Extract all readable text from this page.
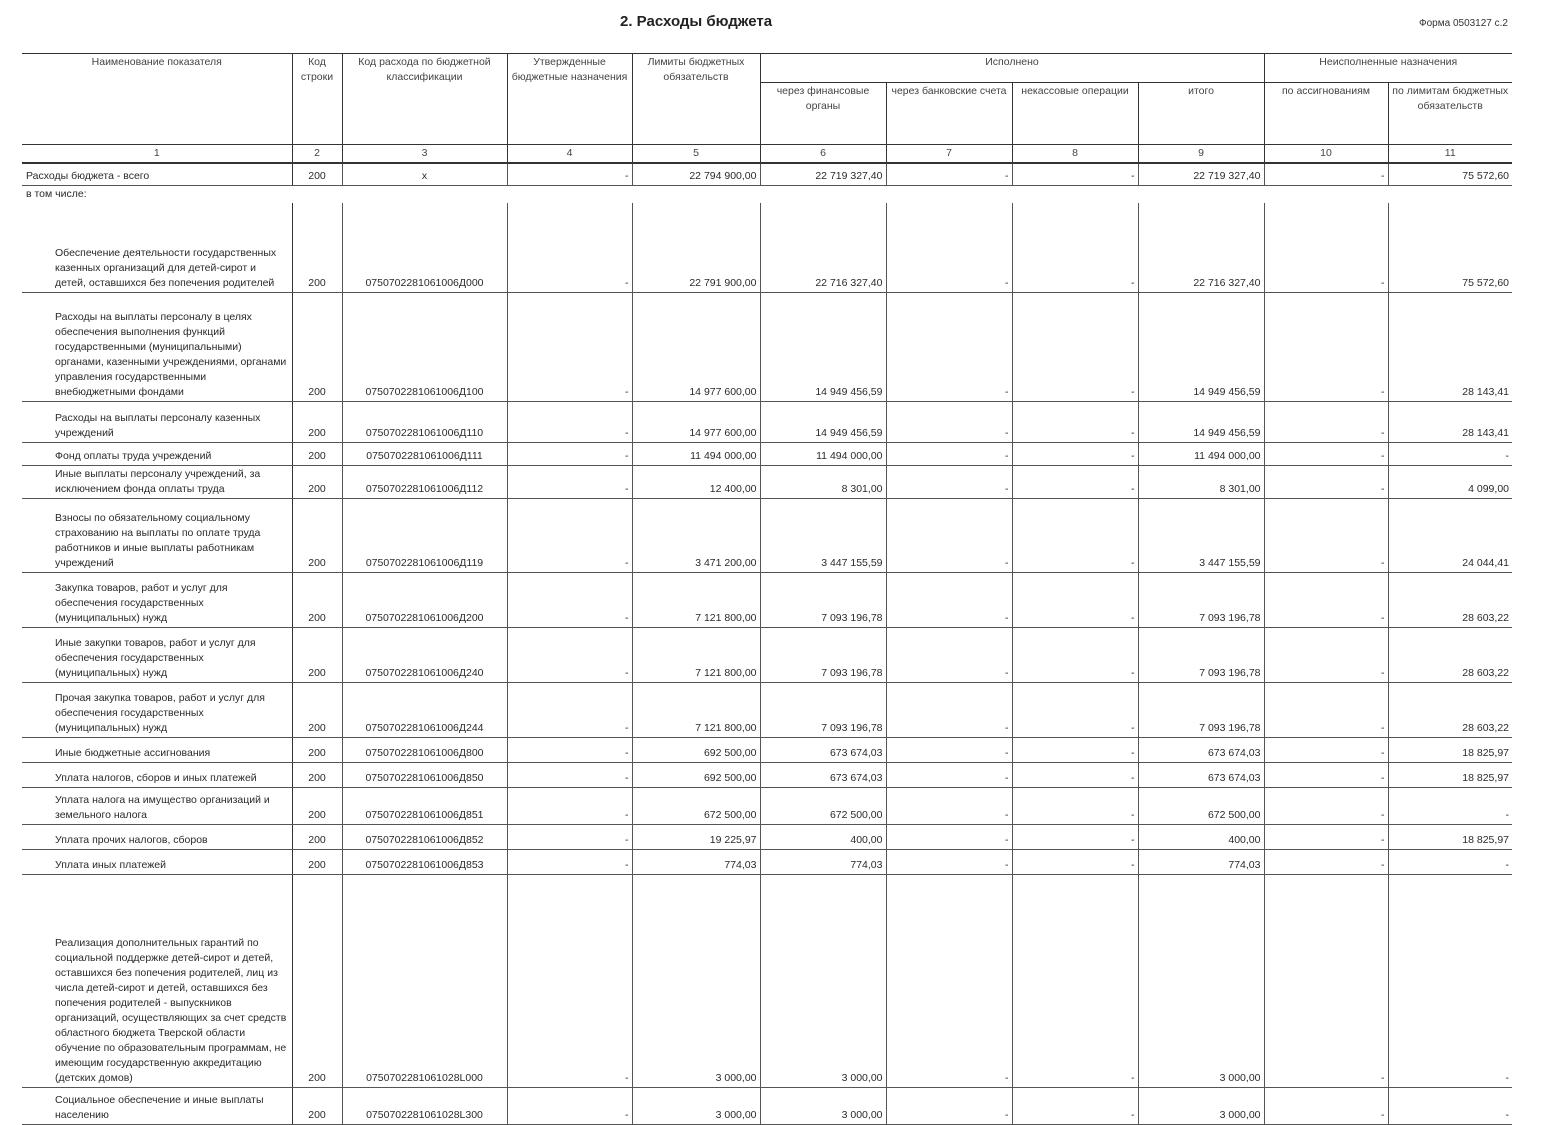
2. Расходы бюджета	Форма 0503127 с.2
Наименование показателя	Код строки	Код расхода по бюджетной классификации	Утвержденные бюджетные назначения	Лимиты бюджетных обязательств	Исполнено				Неисполненные назначения	
					через финансовые органы	через банковские счета	некассовые операции	итого	по ассигнованиям	по лимитам бюджетных обязательств
1	2	3	4	5	6	7	8	9	10	11
Расходы бюджета - всего	200	x	-	22 794 900,00	22 719 327,40	-	-	22 719 327,40	-	75 572,60
в том числе:										
Обеспечение деятельности государственных казенных организаций для детей-сирот и детей, оставшихся без попечения родителей	200	0750702281061006Д000	-	22 791 900,00	22 716 327,40	-	-	22 716 327,40	-	75 572,60
Расходы на выплаты персоналу в целях обеспечения выполнения функций государственными (муниципальными) органами, казенными учреждениями, органами управления государственными внебюджетными фондами	200	0750702281061006Д100	-	14 977 600,00	14 949 456,59	-	-	14 949 456,59	-	28 143,41
Расходы на выплаты персоналу казенных учреждений	200	0750702281061006Д110	-	14 977 600,00	14 949 456,59	-	-	14 949 456,59	-	28 143,41
Фонд оплаты труда учреждений	200	0750702281061006Д111	-	11 494 000,00	11 494 000,00	-	-	11 494 000,00	-	-
Иные выплаты персоналу учреждений, за исключением фонда оплаты труда	200	0750702281061006Д112	-	12 400,00	8 301,00	-	-	8 301,00	-	4 099,00
Взносы по обязательному социальному страхованию на выплаты по оплате труда работников и иные выплаты работникам учреждений	200	0750702281061006Д119	-	3 471 200,00	3 447 155,59	-	-	3 447 155,59	-	24 044,41
Закупка товаров, работ и услуг для обеспечения государственных (муниципальных) нужд	200	0750702281061006Д200	-	7 121 800,00	7 093 196,78	-	-	7 093 196,78	-	28 603,22
Иные закупки товаров, работ и услуг для обеспечения государственных (муниципальных) нужд	200	0750702281061006Д240	-	7 121 800,00	7 093 196,78	-	-	7 093 196,78	-	28 603,22
Прочая закупка товаров, работ и услуг для обеспечения государственных (муниципальных) нужд	200	0750702281061006Д244	-	7 121 800,00	7 093 196,78	-	-	7 093 196,78	-	28 603,22
Иные бюджетные ассигнования	200	0750702281061006Д800	-	692 500,00	673 674,03	-	-	673 674,03	-	18 825,97
Уплата налогов, сборов и иных платежей	200	0750702281061006Д850	-	692 500,00	673 674,03	-	-	673 674,03	-	18 825,97
Уплата налога на имущество организаций и земельного налога	200	0750702281061006Д851	-	672 500,00	672 500,00	-	-	672 500,00	-	-
Уплата прочих налогов, сборов	200	0750702281061006Д852	-	19 225,97	400,00	-	-	400,00	-	18 825,97
Уплата иных платежей	200	0750702281061006Д853	-	774,03	774,03	-	-	774,03	-	-
Реализация дополнительных гарантий по социальной поддержке детей-сирот и детей, оставшихся без попечения родителей, лиц из числа детей-сирот и детей, оставшихся без попечения родителей - выпускников организаций, осуществляющих за счет средств областного бюджета Тверской области обучение по образовательным программам, не имеющим государственную аккредитацию (детских домов)	200	0750702281061028L000	-	3 000,00	3 000,00	-	-	3 000,00	-	-
Социальное обеспечение и иные выплаты населению	200	0750702281061028L300	-	3 000,00	3 000,00	-	-	3 000,00	-	-
